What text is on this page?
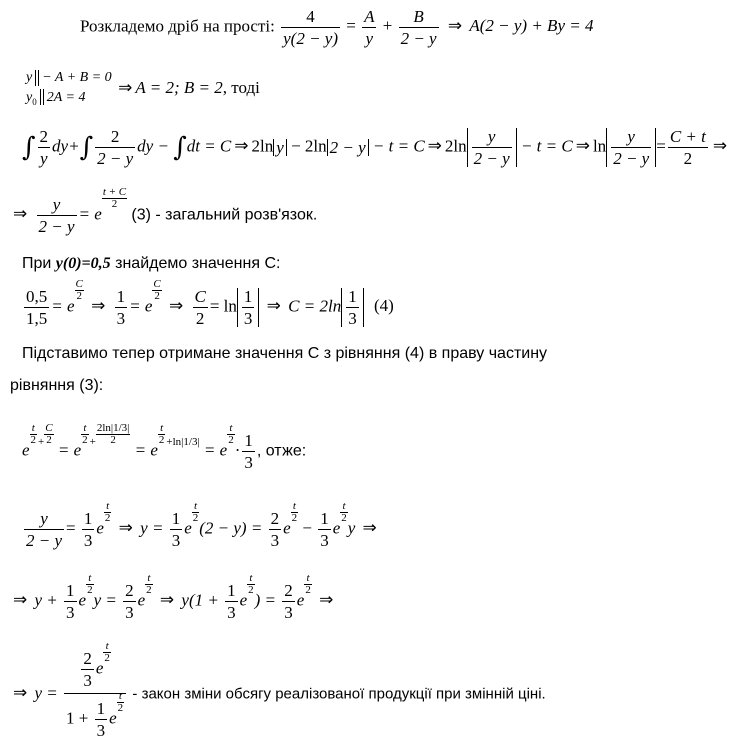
Розкладемо дріб на прості: $\frac{4}{y(2 - y)} = \frac{A}{y} + \frac{B}{2 - y}$ ⇒ A(2 − y) + By = 4
y − A + B = 0
$y_0$ 2A = 4	⇒ A = 2; B = 2, тоді
∫ $\frac{2}{y} dy+\int \frac{2}{2 - y}$ dy − ∫dt = C ⇒ 2ln y − 2ln 2 − y − t = C ⇒ $2\ln \frac{y}{2 - y} - t = C$ ⇒ $\ln \frac{y}{2 - y} = \frac{C + t}{2}$ ⇒
⇒ $\frac{y}{2 - y} = e$
$\frac{t + C}{2}$
(3) - загальний розв'язок.
При y(0)=0,5 знайдемо значення C:
$\frac{0,5}{1,5} = e$
$\frac{C}{2}$
⇒ $\frac{1}{3} = e$
$\frac{C}{2}$
⇒ $\frac{C}{2} = \ln \frac{1}{3}$ ⇒ $C = 2\ln \frac{1}{3} (4)$
Підставимо тепер отримане значення C з рівняння (4) в праву частину
рівняння (3):
e
$\frac{t}{2} ^+ \frac{C}{2}$
= e
$\frac{t}{2} ^+ \frac{2\ln|1/3|}{2}$
= e
$\frac{t}{2} ^{+ln|1/3|} = e$
$\frac{t}{2}$
· $\frac{1}{3}$ , отже:
$\frac{y}{2 - y} = \frac{1}{3}$ e
$\frac{t}{2}$
⇒ $y = \frac{1}{3}$ e
$\frac{t}{2}$
$(2 - y) = \frac{2}{3}$ e
$\frac{t}{2}$
− $\frac{1}{3}$ e
$\frac{t}{2}$
y ⇒
⇒ $y + \frac{1}{3}$ e
$\frac{t}{2}$
$y = \frac{2}{3}$ e
$\frac{t}{2}$
⇒ $y(1 + \frac{1}{3}$ e
$\frac{t}{2}$
) = $\frac{2}{3}$ e
$\frac{t}{2}$
⇒
⇒ $y = \frac{2}{3}$ e
$\frac{t}{2}$
$1 + \frac{1}{3}$ e
$\frac{t}{2}$ - закон зміни обсягу реалізованої продукції при змінній ціні.
